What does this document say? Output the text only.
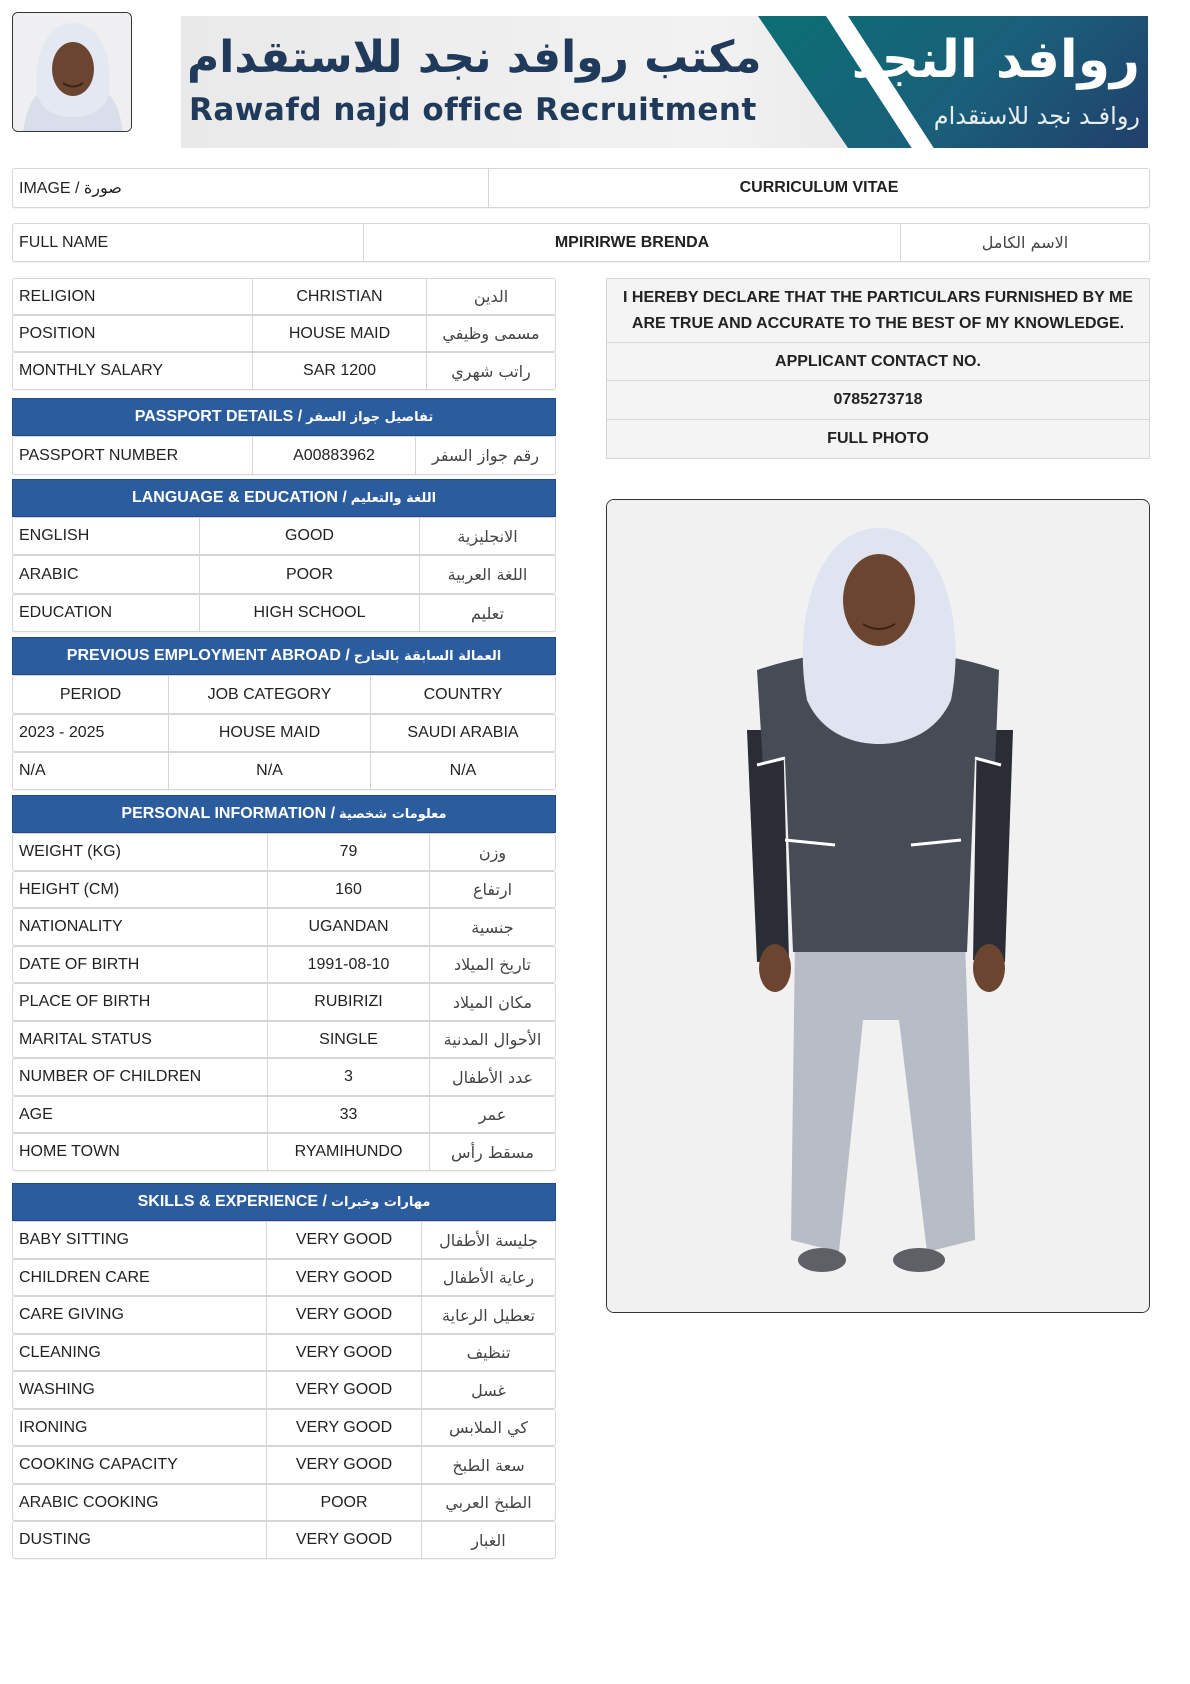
مكتب روافد نجد للاستقدام
Rawafd najd office Recruitment
روافد النجد
روافـد نجد للاستقدام
IMAGE / صورة	CURRICULUM VITAE
FULL NAME	MPIRIRWE BRENDA	الاسم الكامل
RELIGION	CHRISTIAN	الدين
POSITION	HOUSE MAID	مسمى وظيفي
MONTHLY SALARY	SAR 1200	راتب شهري
PASSPORT DETAILS / تفاصيل جواز السفر
PASSPORT NUMBER	A00883962	رقم جواز السفر
LANGUAGE & EDUCATION / اللغة والتعليم
ENGLISH	GOOD	الانجليزية
ARABIC	POOR	اللغة العربية
EDUCATION	HIGH SCHOOL	تعليم
PREVIOUS EMPLOYMENT ABROAD / العمالة السابقة بالخارج
PERIOD	JOB CATEGORY	COUNTRY
2023 - 2025	HOUSE MAID	SAUDI ARABIA
N/A	N/A	N/A
PERSONAL INFORMATION / معلومات شخصية
WEIGHT (KG)	79	وزن
HEIGHT (CM)	160	ارتفاع
NATIONALITY	UGANDAN	جنسية
DATE OF BIRTH	1991-08-10	تاريخ الميلاد
PLACE OF BIRTH	RUBIRIZI	مكان الميلاد
MARITAL STATUS	SINGLE	الأحوال المدنية
NUMBER OF CHILDREN	3	عدد الأطفال
AGE	33	عمر
HOME TOWN	RYAMIHUNDO	مسقط رأس
SKILLS & EXPERIENCE / مهارات وخبرات
BABY SITTING	VERY GOOD	جليسة الأطفال
CHILDREN CARE	VERY GOOD	رعاية الأطفال
CARE GIVING	VERY GOOD	تعطيل الرعاية
CLEANING	VERY GOOD	تنظيف
WASHING	VERY GOOD	غسل
IRONING	VERY GOOD	كي الملابس
COOKING CAPACITY	VERY GOOD	سعة الطبخ
ARABIC COOKING	POOR	الطبخ العربي
DUSTING	VERY GOOD	الغبار
I HEREBY DECLARE THAT THE PARTICULARS FURNISHED BY ME ARE TRUE AND ACCURATE TO THE BEST OF MY KNOWLEDGE.
APPLICANT CONTACT NO.
0785273718
FULL PHOTO
